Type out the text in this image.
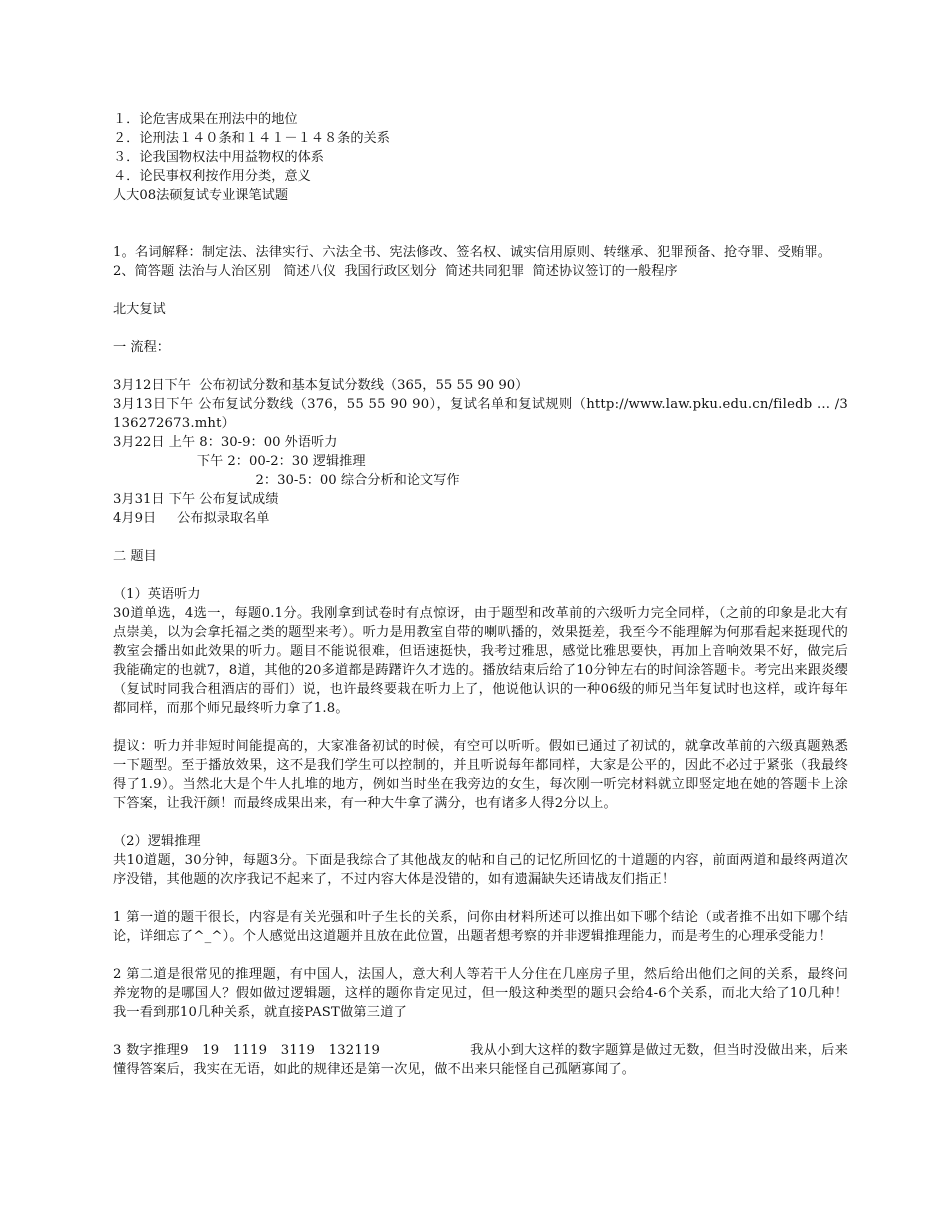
１．论危害成果在刑法中的地位
２．论刑法１４０条和１４１－１４８条的关系
３．论我国物权法中用益物权的体系
４．论民事权利按作用分类，意义
人大08法硕复试专业课笔试题
1。名词解释：制定法、法律实行、六法全书、宪法修改、签名权、诚实信用原则、转继承、犯罪预备、抢夺罪、受贿罪。
2、简答题 法治与人治区别   简述八仪  我国行政区划分  简述共同犯罪  简述协议签订的一般程序
北大复试
一 流程：
3月12日下午  公布初试分数和基本复试分数线（365，55 55 90 90）
3月13日下午 公布复试分数线（376，55 55 90 90），复试名单和复试规则（http://www.law.pku.edu.cn/filedb ... /3136272673.mht）
3月22日 上午 8：30-9：00 外语听力
下午 2：00-2：30 逻辑推理
2：30-5：00 综合分析和论文写作
3月31日 下午 公布复试成绩
4月9日     公布拟录取名单
二 题目
（1）英语听力
30道单选，4选一，每题0.1分。我刚拿到试卷时有点惊讶，由于题型和改革前的六级听力完全同样，（之前的印象是北大有点崇美，以为会拿托福之类的题型来考）。听力是用教室自带的喇叭播的，效果挺差，我至今不能理解为何那看起来挺现代的教室会播出如此效果的听力。题目不能说很难，但语速挺快，我考过雅思，感觉比雅思要快，再加上音响效果不好，做完后我能确定的也就7，8道，其他的20多道都是踌躇许久才选的。播放结束后给了10分钟左右的时间涂答题卡。考完出来跟炎缨（复试时同我合租酒店的哥们）说，也许最终要栽在听力上了，他说他认识的一种06级的师兄当年复试时也这样，或许每年都同样，而那个师兄最终听力拿了1.8。
提议：听力并非短时间能提高的，大家准备初试的时候，有空可以听听。假如已通过了初试的，就拿改革前的六级真题熟悉一下题型。至于播放效果，这不是我们学生可以控制的，并且听说每年都同样，大家是公平的，因此不必过于紧张（我最终得了1.9）。当然北大是个牛人扎堆的地方，例如当时坐在我旁边的女生，每次刚一听完材料就立即竖定地在她的答题卡上涂下答案，让我汗颜！而最终成果出来，有一种大牛拿了满分，也有诸多人得2分以上。
（2）逻辑推理
共10道题，30分钟，每题3分。下面是我综合了其他战友的帖和自己的记忆所回忆的十道题的内容，前面两道和最终两道次序没错，其他题的次序我记不起来了，不过内容大体是没错的，如有遗漏缺失还请战友们指正！
1 第一道的题干很长，内容是有关光强和叶子生长的关系，问你由材料所述可以推出如下哪个结论（或者推不出如下哪个结论，详细忘了^_^）。个人感觉出这道题并且放在此位置，出题者想考察的并非逻辑推理能力，而是考生的心理承受能力！
2 第二道是很常见的推理题，有中国人，法国人，意大利人等若干人分住在几座房子里，然后给出他们之间的关系，最终问养宠物的是哪国人？假如做过逻辑题，这样的题你肯定见过，但一般这种类型的题只会给4-6个关系，而北大给了10几种！我一看到那10几种关系，就直接PAST做第三道了
3 数字推理9   19   1119   3119   132119                    我从小到大这样的数字题算是做过无数，但当时没做出来，后来懂得答案后，我实在无语，如此的规律还是第一次见，做不出来只能怪自己孤陋寡闻了。
